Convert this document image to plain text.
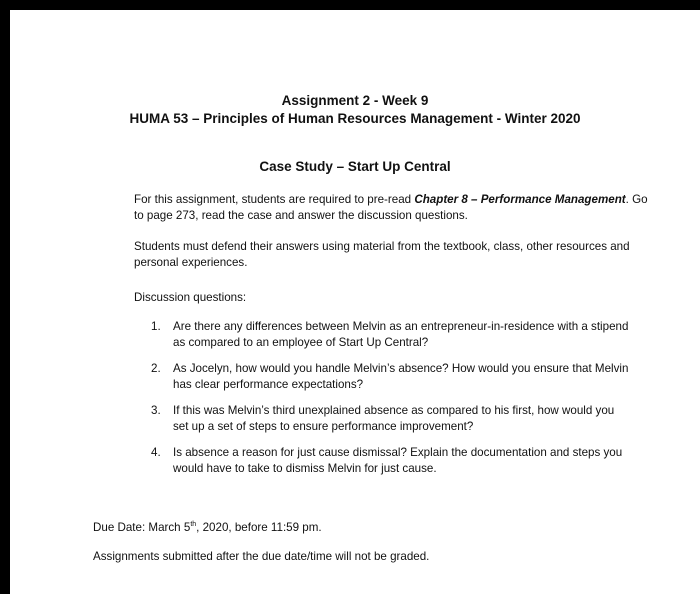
Assignment 2 - Week 9
HUMA 53 – Principles of Human Resources Management - Winter 2020
Case Study – Start Up Central
For this assignment, students are required to pre-read Chapter 8 – Performance Management. Go to page 273, read the case and answer the discussion questions.
Students must defend their answers using material from the textbook, class, other resources and personal experiences.
Discussion questions:
1.	Are there any differences between Melvin as an entrepreneur-in-residence with a stipend as compared to an employee of Start Up Central?
2.	As Jocelyn, how would you handle Melvin’s absence? How would you ensure that Melvin has clear performance expectations?
3.	If this was Melvin’s third unexplained absence as compared to his first, how would you set up a set of steps to ensure performance improvement?
4.	Is absence a reason for just cause dismissal? Explain the documentation and steps you would have to take to dismiss Melvin for just cause.
Due Date: March 5th, 2020, before 11:59 pm.
Assignments submitted after the due date/time will not be graded.
